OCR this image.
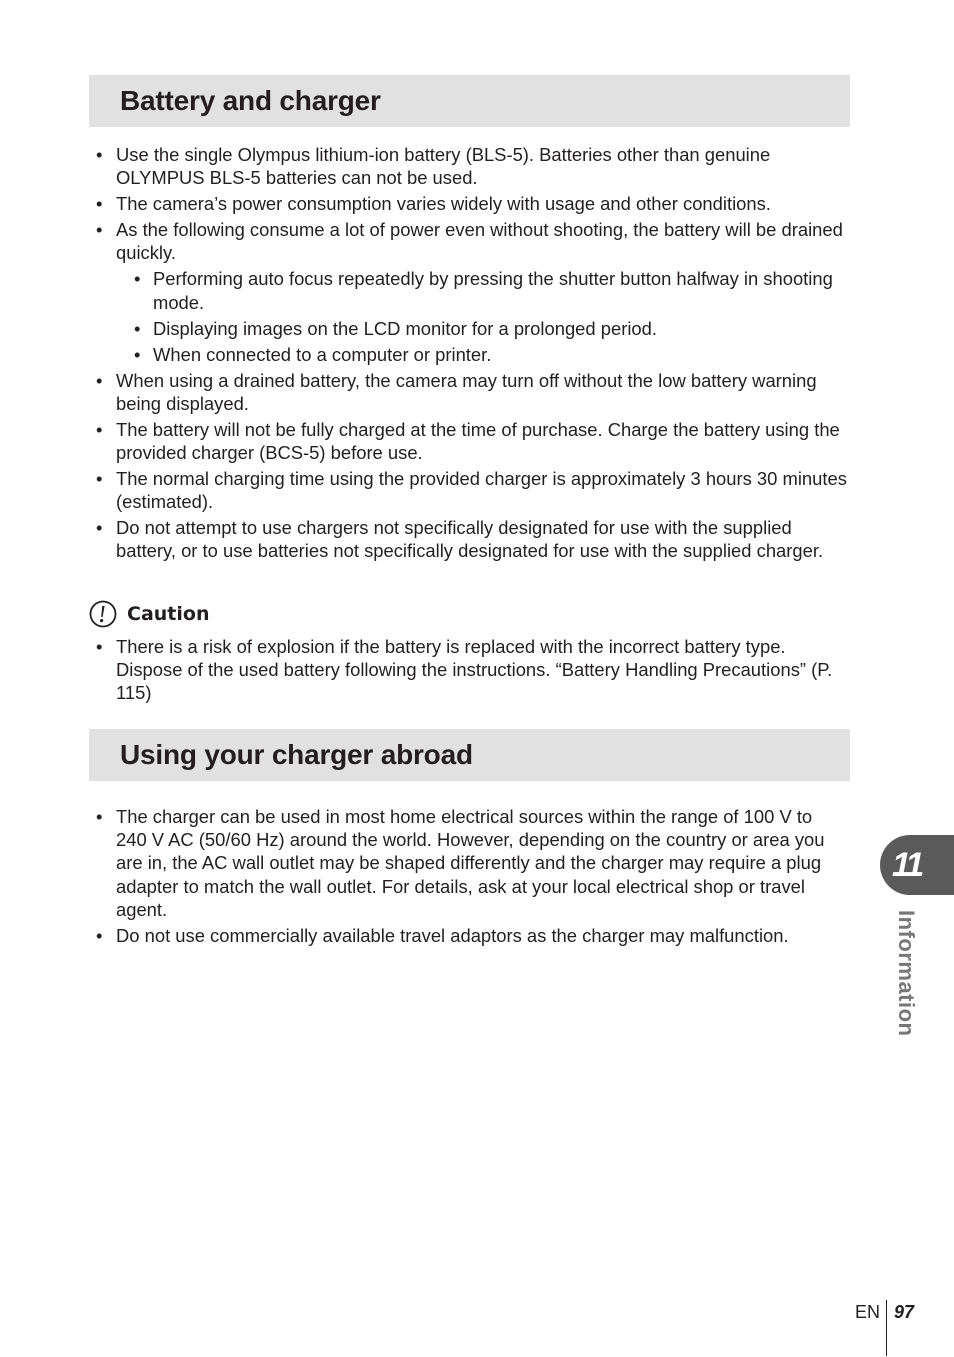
Battery and charger
• Use the single Olympus lithium-ion battery (BLS-5). Batteries other than genuine OLYMPUS BLS-5 batteries can not be used.
• The camera’s power consumption varies widely with usage and other conditions.
• As the following consume a lot of power even without shooting, the battery will be drained quickly.
• Performing auto focus repeatedly by pressing the shutter button halfway in shooting mode.
• Displaying images on the LCD monitor for a prolonged period.
• When connected to a computer or printer.
• When using a drained battery, the camera may turn off without the low battery warning being displayed.
• The battery will not be fully charged at the time of purchase. Charge the battery using the provided charger (BCS-5) before use.
• The normal charging time using the provided charger is approximately 3 hours 30 minutes (estimated).
• Do not attempt to use chargers not specifically designated for use with the supplied battery, or to use batteries not specifically designated for use with the supplied charger.
Caution
• There is a risk of explosion if the battery is replaced with the incorrect battery type. Dispose of the used battery following the instructions. “Battery Handling Precautions” (P. 115)
Using your charger abroad
• The charger can be used in most home electrical sources within the range of 100 V to 240 V AC (50/60 Hz) around the world. However, depending on the country or area you are in, the AC wall outlet may be shaped differently and the charger may require a plug adapter to match the wall outlet. For details, ask at your local electrical shop or travel agent.
• Do not use commercially available travel adaptors as the charger may malfunction.
11
Information
EN 97
